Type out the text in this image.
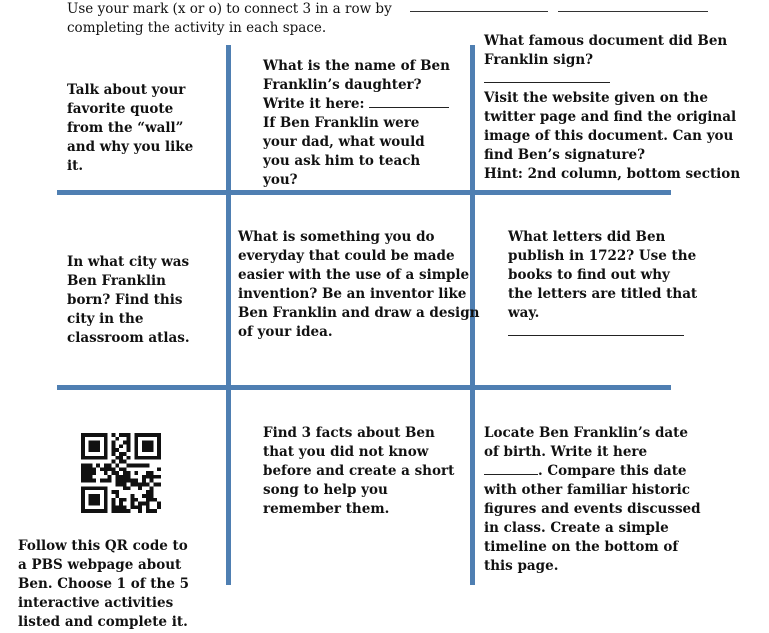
Use your mark (x or o) to connect 3 in a row by
completing the activity in each space.
Talk about your
favorite quote
from the “wall”
and why you like
it.
What is the name of Ben
Franklin’s daughter?
Write it here:
If Ben Franklin were
your dad, what would
you ask him to teach
you?
What famous document did Ben
Franklin sign?
Visit the website given on the
twitter page and find the original
image of this document. Can you
find Ben’s signature?
Hint: 2nd column, bottom section
In what city was
Ben Franklin
born? Find this
city in the
classroom atlas.
What is something you do
everyday that could be made
easier with the use of a simple
invention? Be an inventor like
Ben Franklin and draw a design
of your idea.
What letters did Ben
publish in 1722? Use the
books to find out why
the letters are titled that
way.
Follow this QR code to
a PBS webpage about
Ben. Choose 1 of the 5
interactive activities
listed and complete it.
Find 3 facts about Ben
that you did not know
before and create a short
song to help you
remember them.
Locate Ben Franklin’s date
of birth. Write it here
. Compare this date
with other familiar historic
figures and events discussed
in class. Create a simple
timeline on the bottom of
this page.
